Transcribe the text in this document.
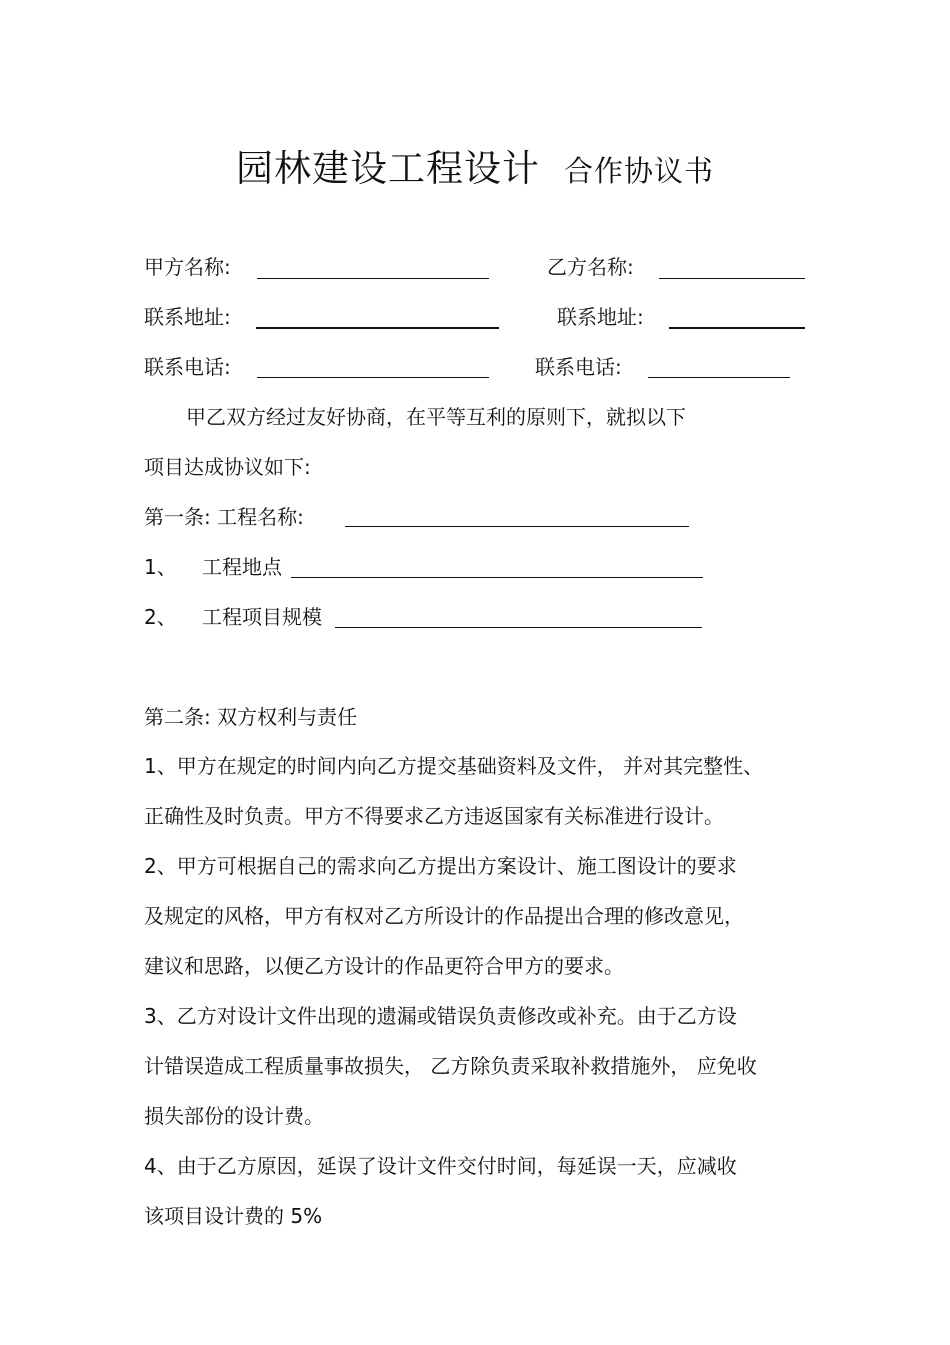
园林建设工程设计 合作协议书
甲方名称:	乙方名称:
联系地址:	联系地址:
联系电话:	联系电话:
甲乙双方经过友好协商，在平等互利的原则下，就拟以下
项目达成协议如下:
第一条: 工程名称:
1、 工程地点
2、 工程项目规模
第二条: 双方权利与责任
1、甲方在规定的时间内向乙方提交基础资料及文件， 并对其完整性、
正确性及时负责。甲方不得要求乙方违返国家有关标准进行设计。
2、甲方可根据自己的需求向乙方提出方案设计、施工图设计的要求
及规定的风格，甲方有权对乙方所设计的作品提出合理的修改意见，
建议和思路，以便乙方设计的作品更符合甲方的要求。
3、乙方对设计文件出现的遗漏或错误负责修改或补充。由于乙方设
计错误造成工程质量事故损失， 乙方除负责采取补救措施外， 应免收
损失部份的设计费。
4、由于乙方原因，延误了设计文件交付时间，每延误一天，应减收
该项目设计费的 5%
